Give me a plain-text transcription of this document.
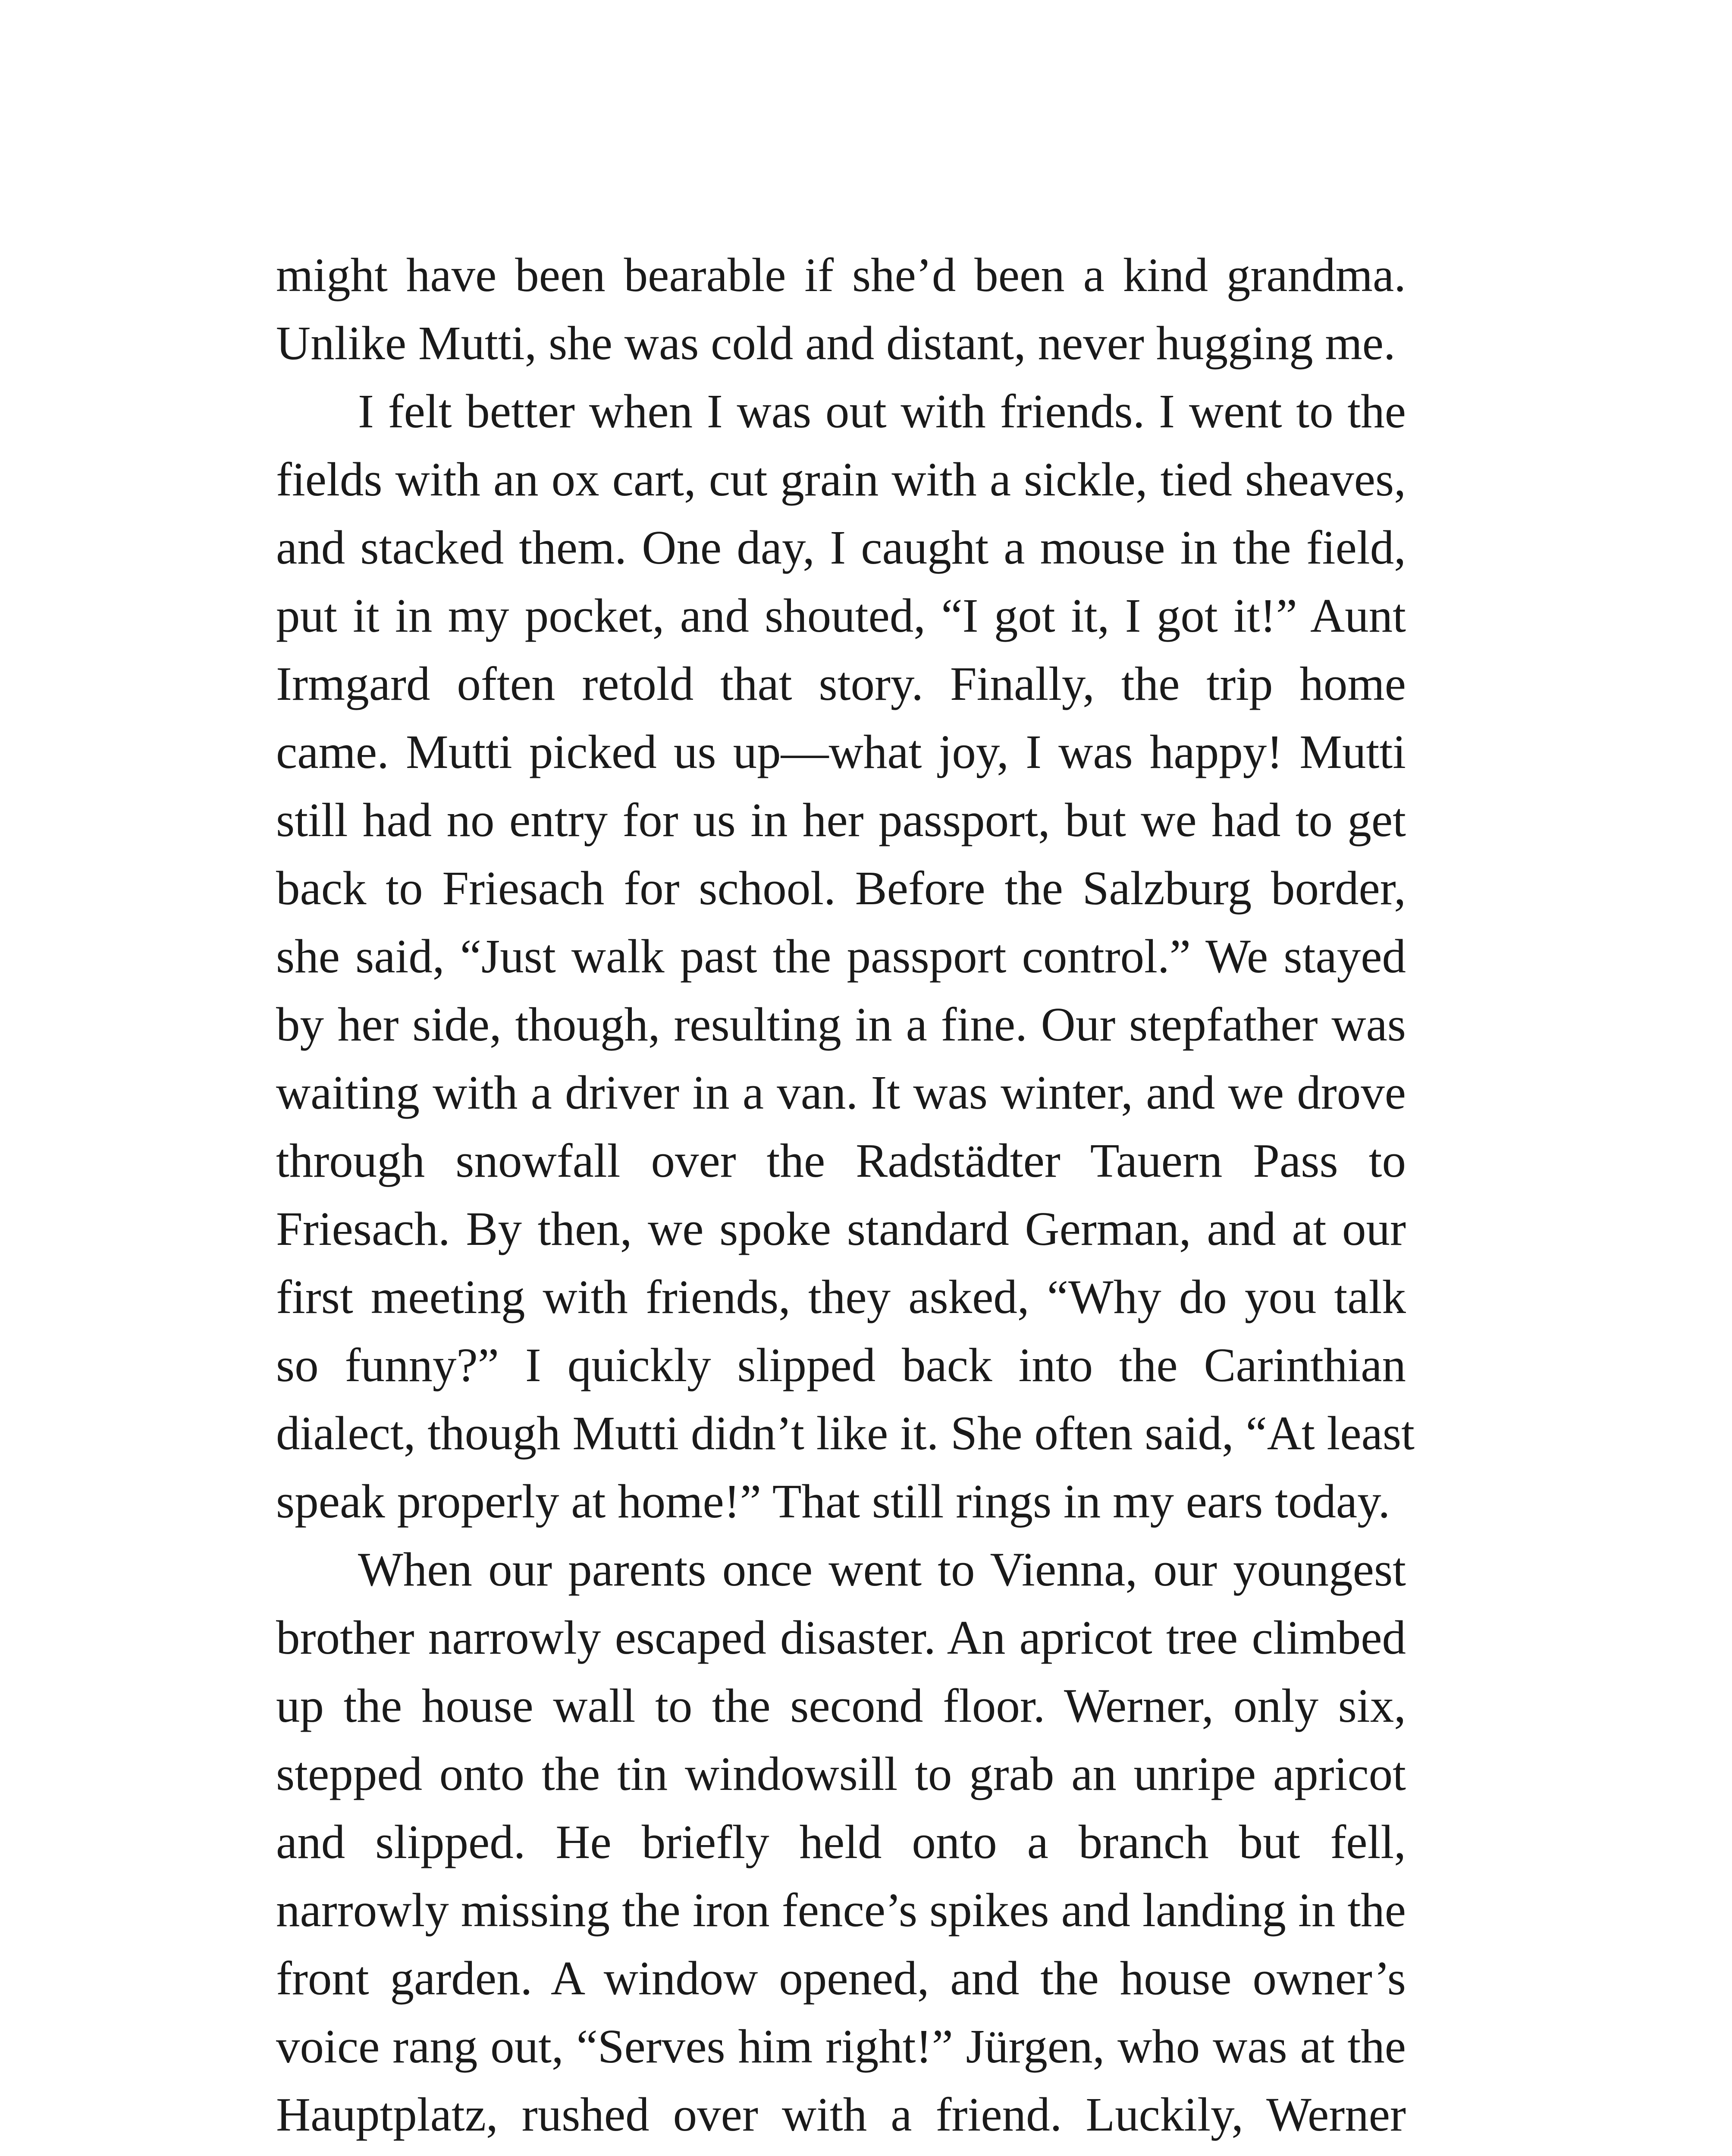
might have been bearable if she’d been a kind grandma.
Unlike Mutti, she was cold and distant, never hugging me.
I felt better when I was out with friends. I went to the
fields with an ox cart, cut grain with a sickle, tied sheaves,
and stacked them. One day, I caught a mouse in the field,
put it in my pocket, and shouted, “I got it, I got it!” Aunt
Irmgard often retold that story. Finally, the trip home
came. Mutti picked us up—what joy, I was happy! Mutti
still had no entry for us in her passport, but we had to get
back to Friesach for school. Before the Salzburg border,
she said, “Just walk past the passport control.” We stayed
by her side, though, resulting in a fine. Our stepfather was
waiting with a driver in a van. It was winter, and we drove
through snowfall over the Radstädter Tauern Pass to
Friesach. By then, we spoke standard German, and at our
first meeting with friends, they asked, “Why do you talk
so funny?” I quickly slipped back into the Carinthian
dialect, though Mutti didn’t like it. She often said, “At least
speak properly at home!” That still rings in my ears today.
When our parents once went to Vienna, our youngest
brother narrowly escaped disaster. An apricot tree climbed
up the house wall to the second floor. Werner, only six,
stepped onto the tin windowsill to grab an unripe apricot
and slipped. He briefly held onto a branch but fell,
narrowly missing the iron fence’s spikes and landing in the
front garden. A window opened, and the house owner’s
voice rang out, “Serves him right!” Jürgen, who was at the
Hauptplatz, rushed over with a friend. Luckily, Werner
